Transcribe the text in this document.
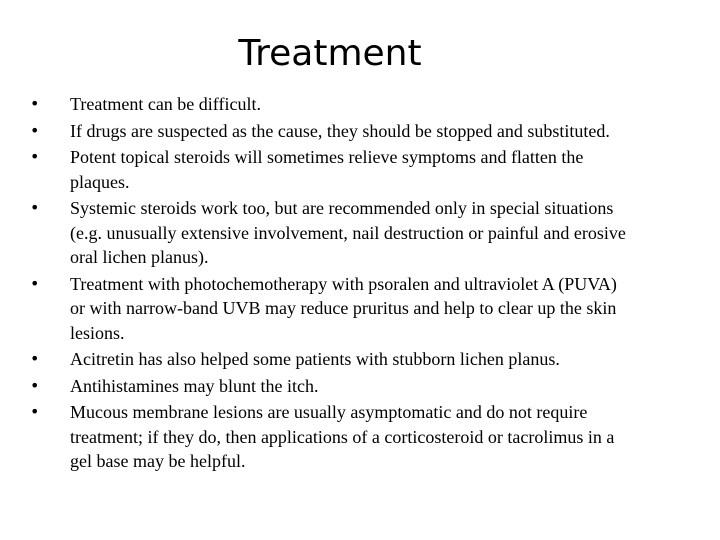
Treatment
•	Treatment can be difficult.
•	If drugs are suspected as the cause, they should be stopped and substituted.
•	Potent topical steroids will sometimes relieve symptoms and flatten the plaques.
•	Systemic steroids work too, but are recommended only in special situations (e.g. unusually extensive involvement, nail destruction or painful and erosive oral lichen planus).
•	Treatment with photochemotherapy with psoralen and ultraviolet A (PUVA) or with narrow-band UVB may reduce pruritus and help to clear up the skin lesions.
•	Acitretin has also helped some patients with stubborn lichen planus.
•	Antihistamines may blunt the itch.
•	Mucous membrane lesions are usually asymptomatic and do not require treatment; if they do, then applications of a corticosteroid or tacrolimus in a gel base may be helpful.
